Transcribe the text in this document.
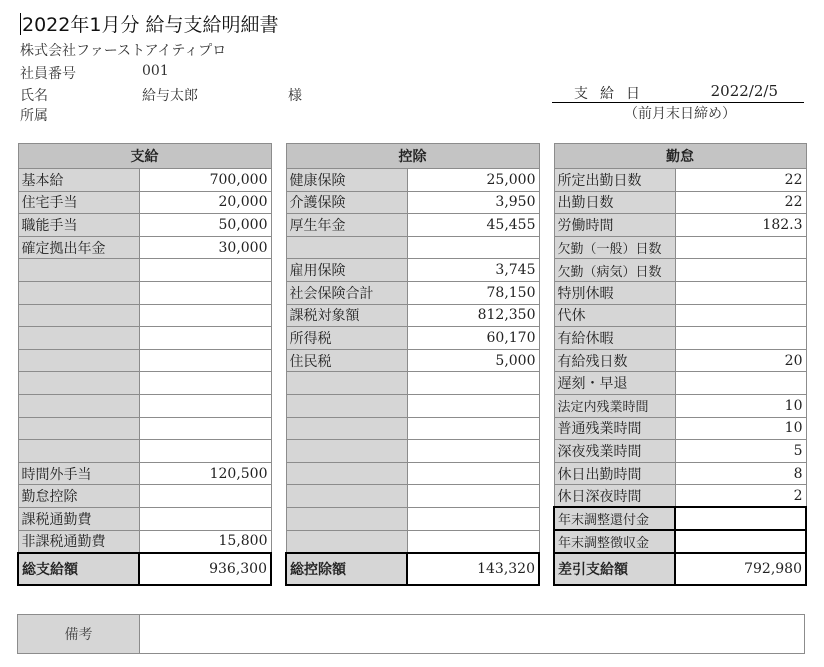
2022年1月分 給与支給明細書
株式会社ファーストアイティプロ
社員番号	001
氏名	給与太郎	様
所属
支給日	2022/2/5
（前月末日締め）
支給	
基本給	700,000
住宅手当	20,000
職能手当	50,000
確定拠出年金	30,000

時間外手当	120,500
勤怠控除	
課税通勤費	
非課税通勤費	15,800
総支給額	936,300
控除	
健康保険	25,000
介護保険	3,950
厚生年金	45,455

雇用保険	3,745
社会保険合計	78,150
課税対象額	812,350
所得税	60,170
住民税	5,000

総控除額	143,320
勤怠	
所定出勤日数	22
出勤日数	22
労働時間	182.3
欠勤（一般）日数	
欠勤（病気）日数	
特別休暇	
代休	
有給休暇	
有給残日数	20
遅刻・早退	
法定内残業時間	10
普通残業時間	10
深夜残業時間	5
休日出勤時間	8
休日深夜時間	2
年末調整還付金	
年末調整徴収金	
差引支給額	792,980
備考
